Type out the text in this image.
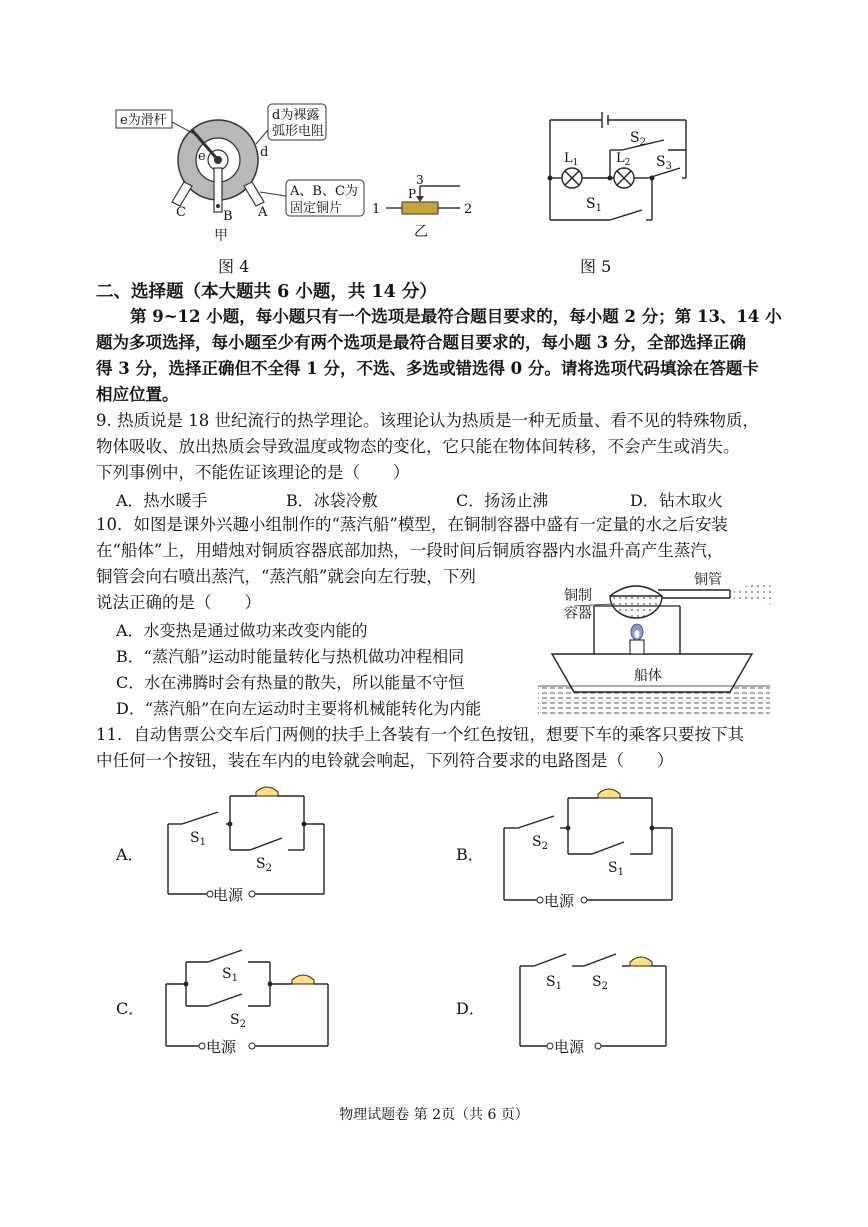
e为滑杆	d为裸露
弧形电阻
A、B、C为
固定铜片
e	d
A
B
C
甲
1	2
3
P
乙
图 4
$S_2$
$L_1$	$L_2$ $S_3$
$S_1$
图 5
二、选择题（本大题共 6 小题，共 14 分）
第 9~12 小题，每小题只有一个选项是最符合题目要求的，每小题 2 分；第 13、14 小
题为多项选择，每小题至少有两个选项是最符合题目要求的，每小题 3 分，全部选择正确
得 3 分，选择正确但不全得 1 分，不选、多选或错选得 0 分。请将选项代码填涂在答题卡
相应位置。
9. 热质说是 18 世纪流行的热学理论。该理论认为热质是一种无质量、看不见的特殊物质，
物体吸收、放出热质会导致温度或物态的变化，它只能在物体间转移，不会产生或消失。
下列事例中，不能佐证该理论的是（　　）
A．热水暖手	B．冰袋冷敷	C．扬汤止沸	D．钻木取火
10．如图是课外兴趣小组制作的“蒸汽船”模型，在铜制容器中盛有一定量的水之后安装
在“船体”上，用蜡烛对铜质容器底部加热，一段时间后铜质容器内水温升高产生蒸汽，
铜管会向右喷出蒸汽，“蒸汽船”就会向左行驶，下列
说法正确的是（　　）
A．水变热是通过做功来改变内能的
B．“蒸汽船”运动时能量转化与热机做功冲程相同
C．水在沸腾时会有热量的散失，所以能量不守恒
D．“蒸汽船”在向左运动时主要将机械能转化为内能
铜制
容器
铜管
船体
11．自动售票公交车后门两侧的扶手上各装有一个红色按钮，想要下车的乘客只要按下其
中任何一个按钮，装在车内的电铃就会响起，下列符合要求的电路图是（　　）
A．
$S_1$
$S_2$
电源
B．
$S_2$
$S_1$
电源
C．
$S_1$
$S_2$
电源
D．
$S_1$ $S_2$
电源
物理试题卷 第 2页（共 6 页）
